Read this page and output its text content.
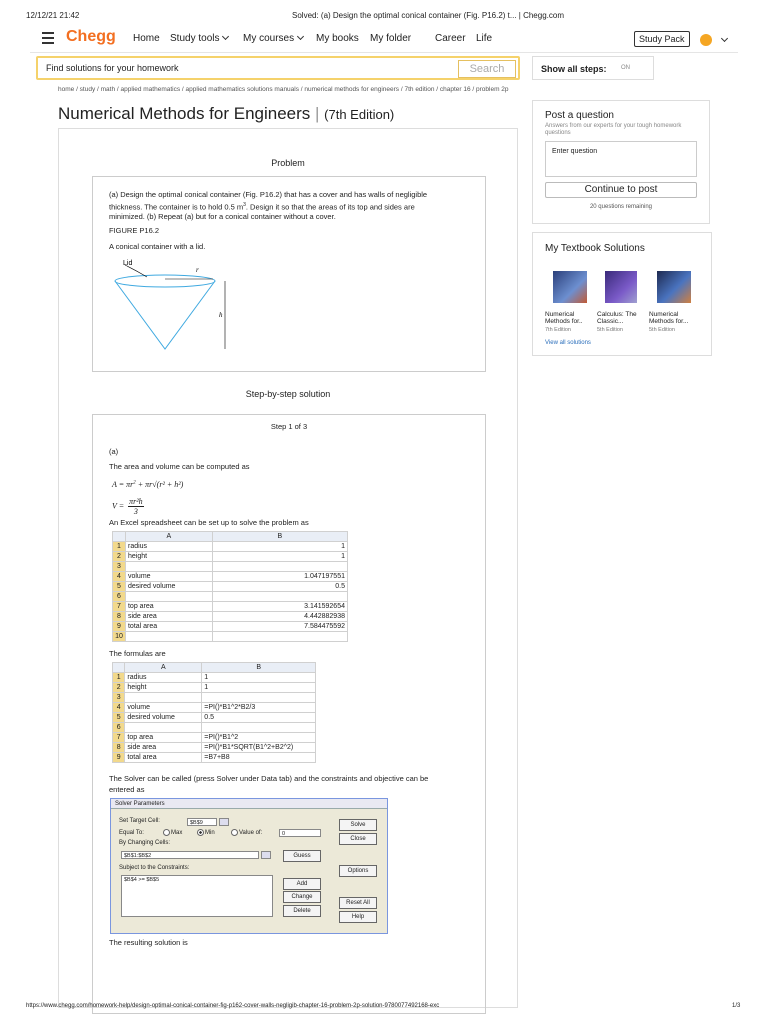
12/12/21 21:42	Solved: (a) Design the optimal conical container (Fig. P16.2) t... | Chegg.com
Chegg Home Study tools	My courses	My books My folder Career Life	Study Pack
Find solutions for your homework	Search	Show all steps: ON
home / study / math / applied mathematics / applied mathematics solutions manuals / numerical methods for engineers / 7th edition / chapter 16 / problem 2p
Numerical Methods for Engineers | (7th Edition)
Problem
(a) Design the optimal conical container (Fig. P16.2) that has a cover and has walls of negligible
thickness. The container is to hold 0.5 $m^3$. Design it so that the areas of its top and sides are
minimized. (b) Repeat (a) but for a conical container without a cover.
FIGURE P16.2
A conical container with a lid.
Lid
r
h
Step-by-step solution
Step 1 of 3
(a)
The area and volume can be computed as
$A = \pi r^2 + \pi r√(r^2 + h^2)$
$V = \frac{\text{πr²h}}{3}$
An Excel spreadsheet can be set up to solve the problem as
	A	B
1	radius	1
2	height	1
3		
4	volume	1.047197551
5	desired volume	0.5
6		
7	top area	3.141592654
8	side area	4.442882938
9	total area	7.584475592
10		
The formulas are
	A	B
1	radius	1
2	height	1
3		
4	volume	=PI()*B1^2*B2/3
5	desired volume	0.5
6		
7	top area	=PI()*B1^2
8	side area	=PI()*B1*SQRT(B1^2+B2^2)
9	total area	=B7+B8
The Solver can be called (press Solver under Data tab) and the constraints and objective can be
entered as
Solver Parameters
Set Target Cell:	$B$9
Equal To:	Max	Min	Value of:	0
By Changing Cells:
$B$1:$B$2	Guess
Subject to the Constraints:
$B$4 >= $B$5
Add
Change
Delete
Solve
Close
Options
Reset All
Help
The resulting solution is
Post a question
Answers from our experts for your tough homework questions
Enter question
Continue to post
20 questions remaining
My Textbook Solutions
Numerical
Methods for..
7th Edition
Calculus: The
Classic...
5th Edition
Numerical
Methods for...
5th Edition
View all solutions
https://www.chegg.com/homework-help/design-optimal-conical-container-fig-p162-cover-walls-negligib-chapter-16-problem-2p-solution-9780077492168-exc	1/3
